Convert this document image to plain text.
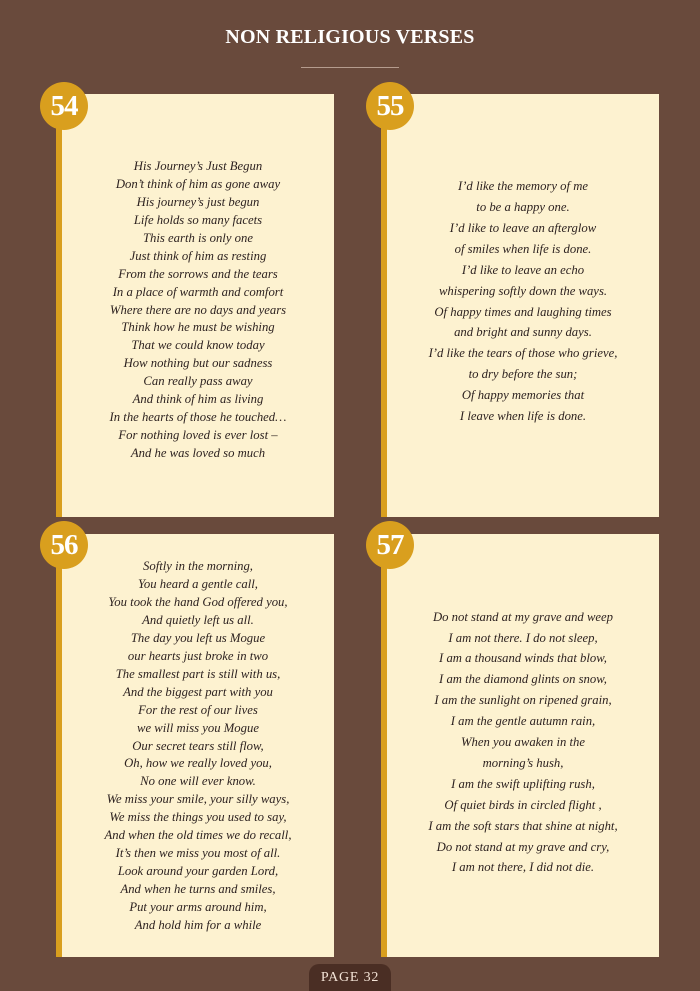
NON RELIGIOUS VERSES
His Journey’s Just Begun
Don’t think of him as gone away
His journey’s just begun
Life holds so many facets
This earth is only one
Just think of him as resting
From the sorrows and the tears
In a place of warmth and comfort
Where there are no days and years
Think how he must be wishing
That we could know today
How nothing but our sadness
Can really pass away
And think of him as living
In the hearts of those he touched…
For nothing loved is ever lost –
And he was loved so much
I’d like the memory of me
to be a happy one.
I’d like to leave an afterglow
of smiles when life is done.
I’d like to leave an echo
whispering softly down the ways.
Of happy times and laughing times
and bright and sunny days.
I’d like the tears of those who grieve,
to dry before the sun;
Of happy memories that
I leave when life is done.
Softly in the morning,
You heard a gentle call,
You took the hand God offered you,
And quietly left us all.
The day you left us Mogue
our hearts just broke in two
The smallest part is still with us,
And the biggest part with you
For the rest of our lives
we will miss you Mogue
Our secret tears still flow,
Oh, how we really loved you,
No one will ever know.
We miss your smile, your silly ways,
We miss the things you used to say,
And when the old times we do recall,
It’s then we miss you most of all.
Look around your garden Lord,
And when he turns and smiles,
Put your arms around him,
And hold him for a while
Do not stand at my grave and weep
I am not there. I do not sleep,
I am a thousand winds that blow,
I am the diamond glints on snow,
I am the sunlight on ripened grain,
I am the gentle autumn rain,
When you awaken in the
morning’s hush,
I am the swift uplifting rush,
Of quiet birds in circled flight ,
I am the soft stars that shine at night,
Do not stand at my grave and cry,
I am not there, I did not die.
54	55
56	57
PAGE 32
